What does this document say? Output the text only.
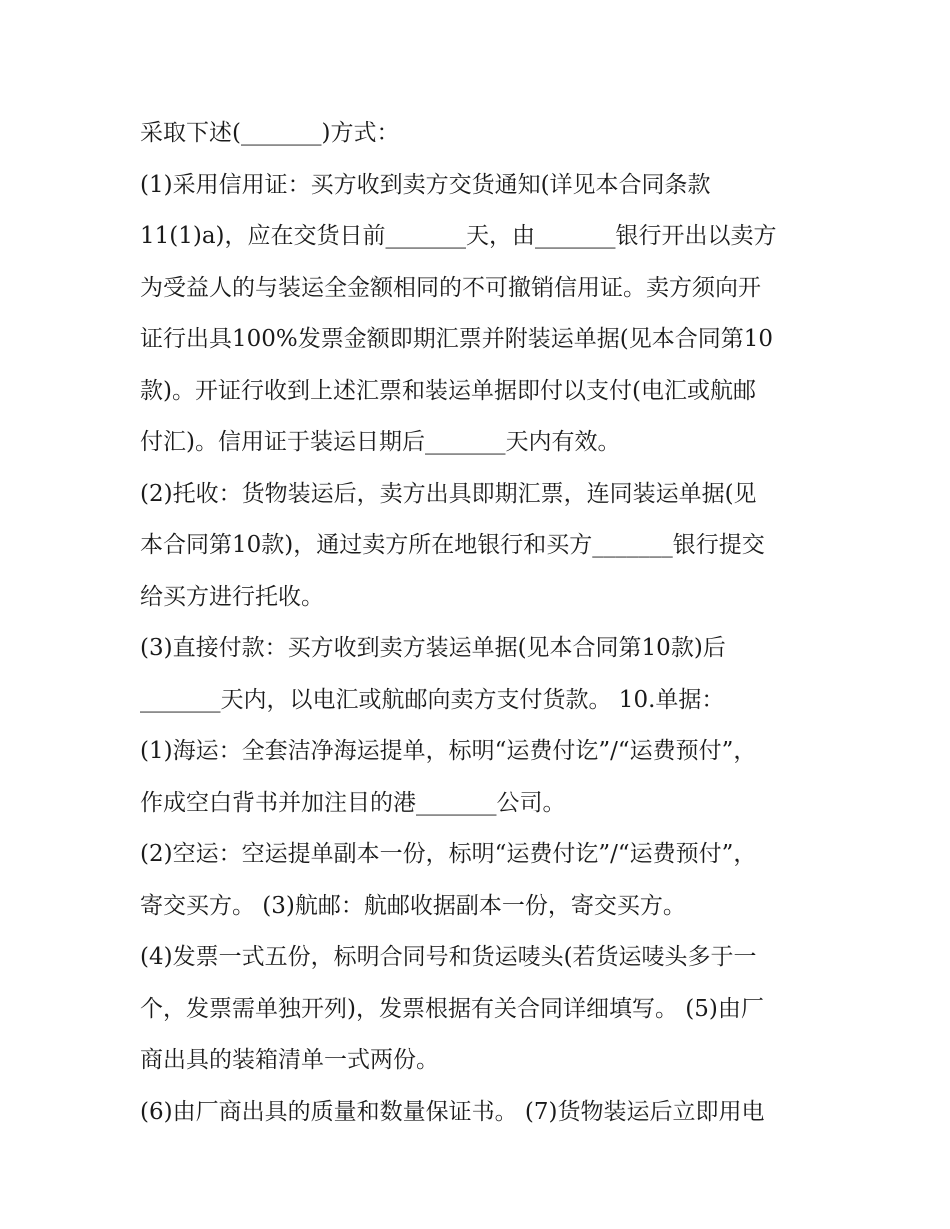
采取下述(_______)方式：
(1)采用信用证：买方收到卖方交货通知(详见本合同条款
11(1)a)，应在交货日前_______天，由_______银行开出以卖方
为受益人的与装运全金额相同的不可撤销信用证。卖方须向开
证行出具100%发票金额即期汇票并附装运单据(见本合同第10
款)。开证行收到上述汇票和装运单据即付以支付(电汇或航邮
付汇)。信用证于装运日期后_______天内有效。
(2)托收：货物装运后，卖方出具即期汇票，连同装运单据(见
本合同第10款)，通过卖方所在地银行和买方_______银行提交
给买方进行托收。
(3)直接付款：买方收到卖方装运单据(见本合同第10款)后
_______天内，以电汇或航邮向卖方支付货款。 10.单据：
(1)海运：全套洁净海运提单，标明“运费付讫”/“运费预付”，
作成空白背书并加注目的港_______公司。
(2)空运：空运提单副本一份，标明“运费付讫”/“运费预付”，
寄交买方。 (3)航邮：航邮收据副本一份，寄交买方。
(4)发票一式五份，标明合同号和货运唛头(若货运唛头多于一
个，发票需单独开列)，发票根据有关合同详细填写。 (5)由厂
商出具的装箱清单一式两份。
(6)由厂商出具的质量和数量保证书。 (7)货物装运后立即用电
